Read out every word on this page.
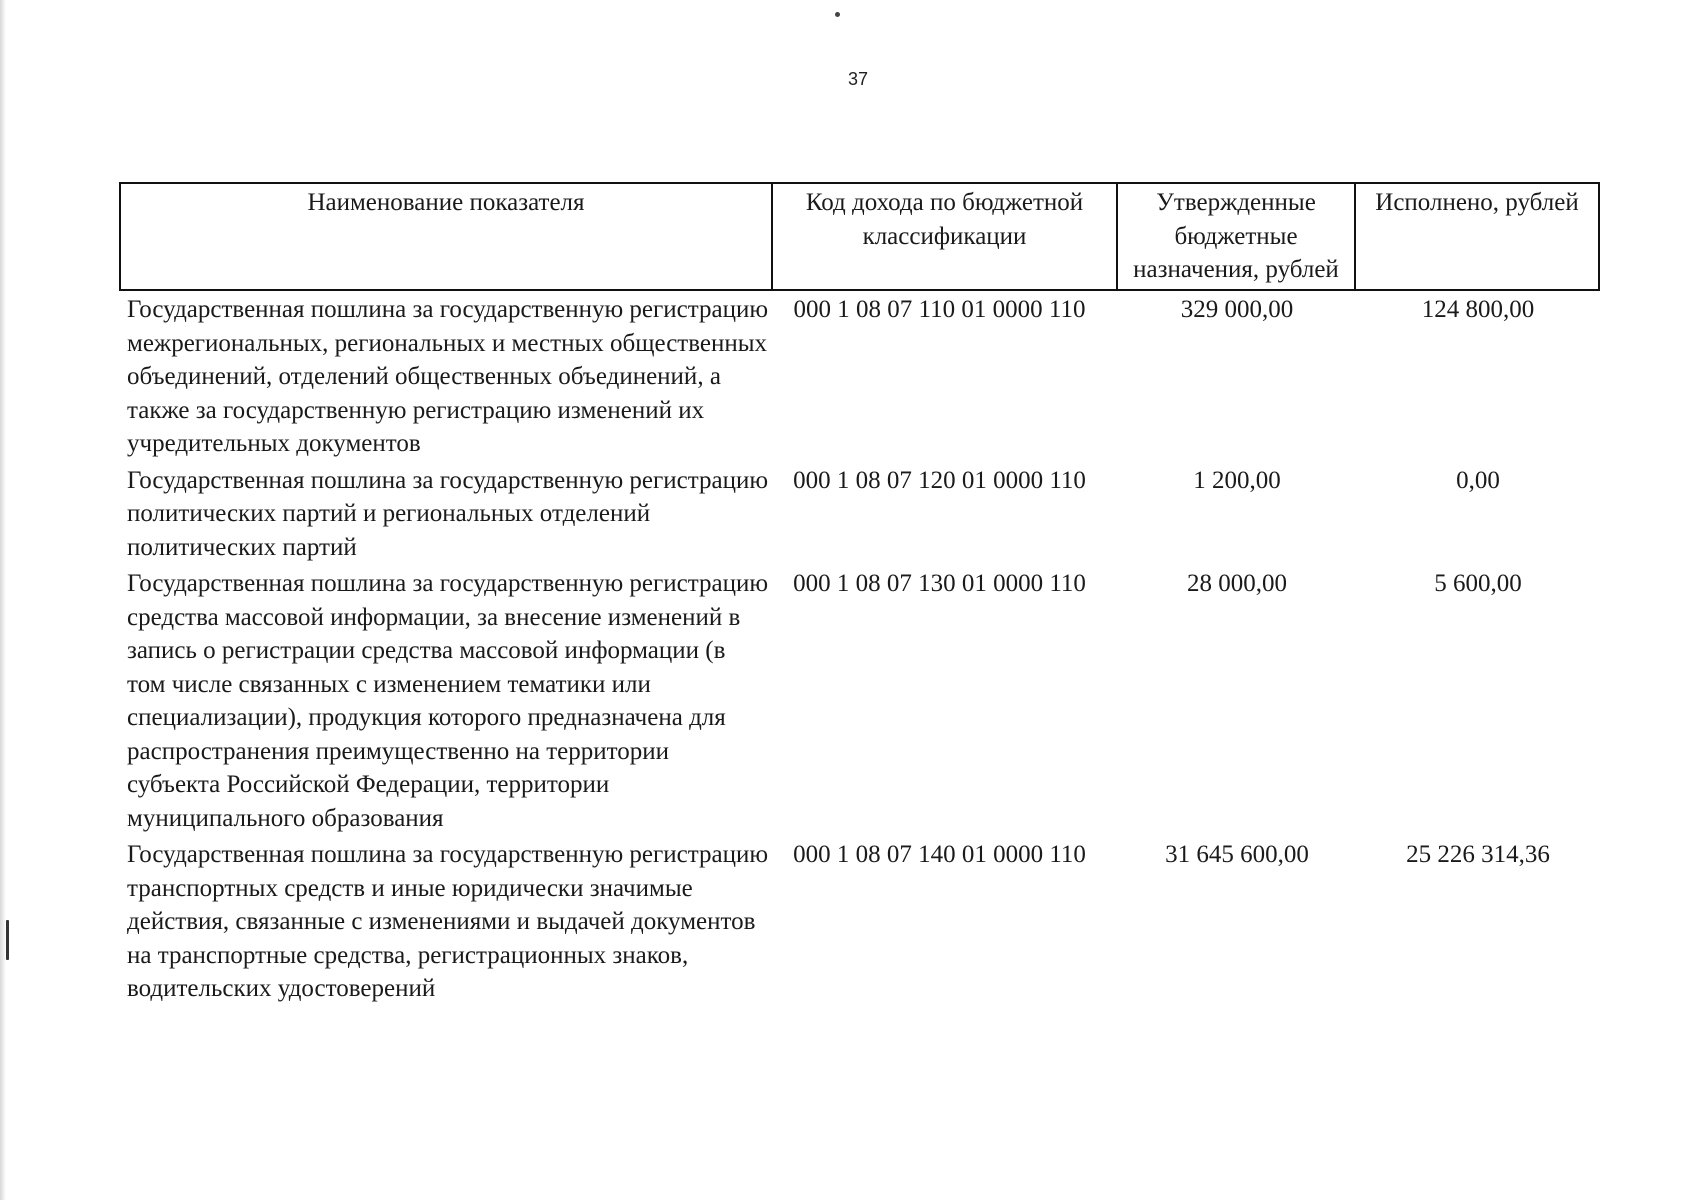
37
Наименование показателя	Код дохода по бюджетной классификации	Утвержденные бюджетные назначения, рублей	Исполнено, рублей
Государственная пошлина за государственную регистрацию межрегиональных, региональных и местных общественных объединений, отделений общественных объединений, а также за государственную регистрацию изменений их учредительных документов	000 1 08 07 110 01 0000 110	329 000,00	124 800,00
Государственная пошлина за государственную регистрацию политических партий и региональных отделений политических партий	000 1 08 07 120 01 0000 110	1 200,00	0,00
Государственная пошлина за государственную регистрацию средства массовой информации, за внесение изменений в запись о регистрации средства массовой информации (в том числе связанных с изменением тематики или специализации), продукция которого предназначена для распространения преимущественно на территории субъекта Российской Федерации, территории муниципального образования	000 1 08 07 130 01 0000 110	28 000,00	5 600,00
Государственная пошлина за государственную регистрацию транспортных средств и иные юридически значимые действия, связанные с изменениями и выдачей документов на транспортные средства, регистрационных знаков, водительских удостоверений	000 1 08 07 140 01 0000 110	31 645 600,00	25 226 314,36
